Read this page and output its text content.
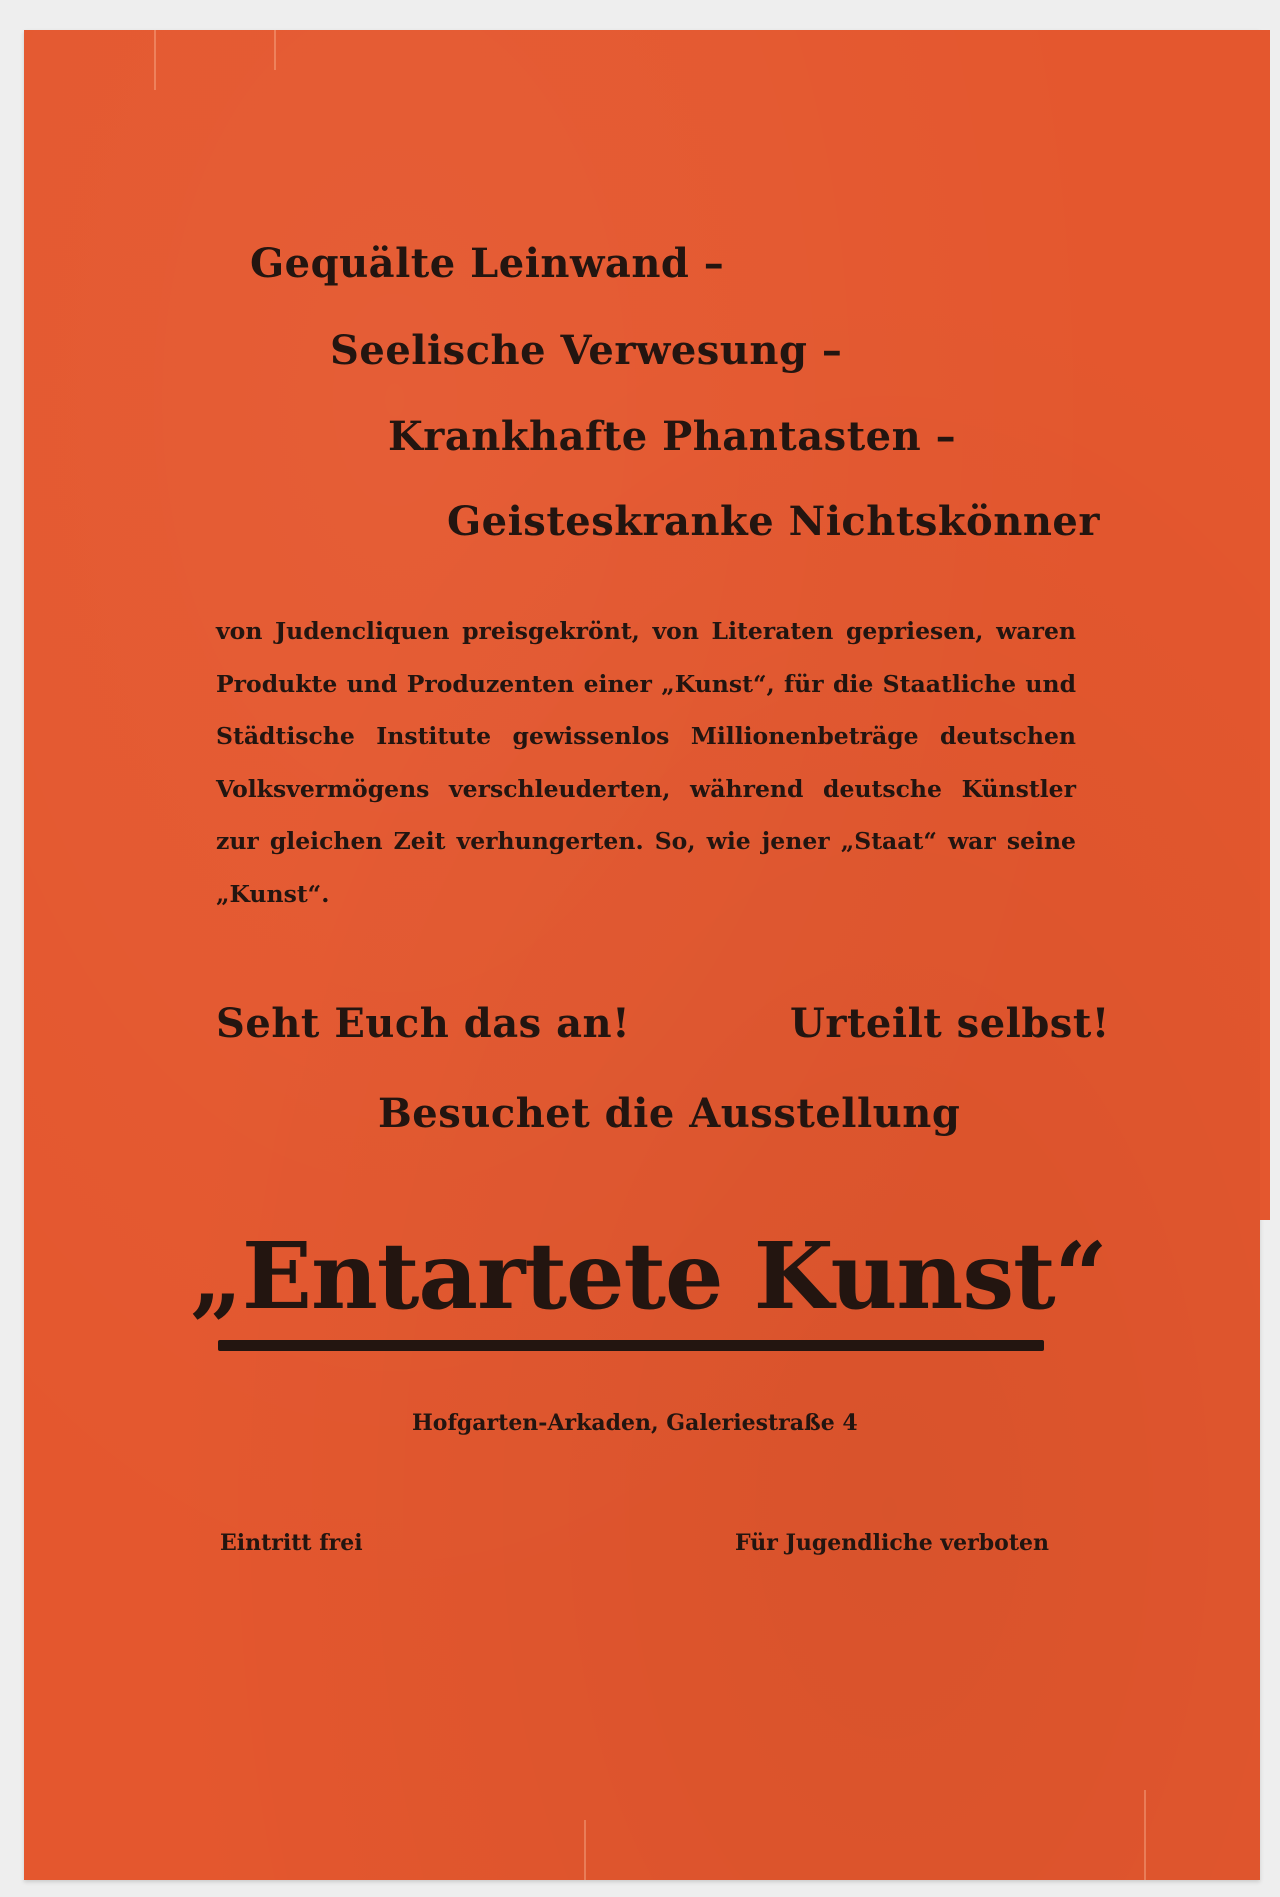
Gequälte Leinwand –
Seelische Verwesung –
Krankhafte Phantasten –
Geisteskranke Nichtskönner
von Judencliquen preisgekrönt, von Literaten gepriesen, waren Produkte und Produzenten einer „Kunst“, für die Staatliche und Städtische Institute gewissenlos Millionenbeträge deutschen Volksvermögens verschleuderten, während deutsche Künstler zur gleichen Zeit verhungerten. So, wie jener „Staat“ war seine „Kunst“.
Seht Euch das an!	Urteilt selbst!
Besuchet die Ausstellung
„Entartete Kunst“
Hofgarten-Arkaden, Galeriestraße 4
Eintritt frei	Für Jugendliche verboten
